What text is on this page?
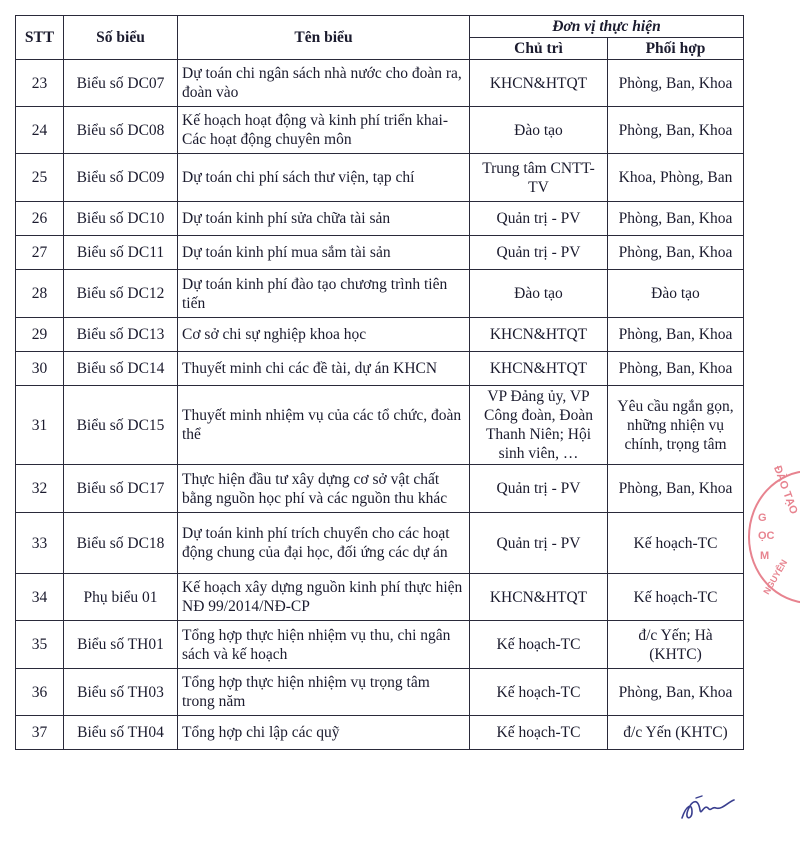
STT	Số biểu	Tên biểu	Đơn vị thực hiện	
			Chủ trì	Phối hợp
23	Biểu số DC07	Dự toán chi ngân sách nhà nước cho đoàn ra, đoàn vào	KHCN&HTQT	Phòng, Ban, Khoa
24	Biểu số DC08	Kế hoạch hoạt động và kinh phí triển khai- Các hoạt động chuyên môn	Đào tạo	Phòng, Ban, Khoa
25	Biểu số DC09	Dự toán chi phí sách thư viện, tạp chí	Trung tâm CNTT-TV	Khoa, Phòng, Ban
26	Biểu số DC10	Dự toán kinh phí sửa chữa tài sản	Quản trị - PV	Phòng, Ban, Khoa
27	Biểu số DC11	Dự toán kinh phí mua sắm tài sản	Quản trị - PV	Phòng, Ban, Khoa
28	Biểu số DC12	Dự toán kinh phí đào tạo chương trình tiên tiến	Đào tạo	Đào tạo
29	Biểu số DC13	Cơ sở chi sự nghiệp khoa học	KHCN&HTQT	Phòng, Ban, Khoa
30	Biểu số DC14	Thuyết minh chi các đề tài, dự án KHCN	KHCN&HTQT	Phòng, Ban, Khoa
31	Biểu số DC15	Thuyết minh nhiệm vụ của các tổ chức, đoàn thể	VP Đảng ủy, VP Công đoàn, Đoàn Thanh Niên; Hội sinh viên, …	Yêu cầu ngắn gọn, những nhiện vụ chính, trọng tâm
32	Biểu số DC17	Thực hiện đầu tư xây dựng cơ sở vật chất bằng nguồn học phí và các nguồn thu khác	Quản trị - PV	Phòng, Ban, Khoa
33	Biểu số DC18	Dự toán kinh phí trích chuyển cho các hoạt động chung của đại học, đối ứng các dự án	Quản trị - PV	Kế hoạch-TC
34	Phụ biểu 01	Kế hoạch xây dựng nguồn kinh phí thực hiện NĐ 99/2014/NĐ-CP	KHCN&HTQT	Kế hoạch-TC
35	Biểu số TH01	Tổng hợp thực hiện nhiệm vụ thu, chi ngân sách và kế hoạch	Kế hoạch-TC	đ/c Yến; Hà (KHTC)
36	Biểu số TH03	Tổng hợp thực hiện nhiệm vụ trọng tâm trong năm	Kế hoạch-TC	Phòng, Ban, Khoa
37	Biểu số TH04	Tổng hợp chi lập các quỹ	Kế hoạch-TC	đ/c Yến (KHTC)
ĐÀO TẠO
G
ỌC
M
NGUYÊN
